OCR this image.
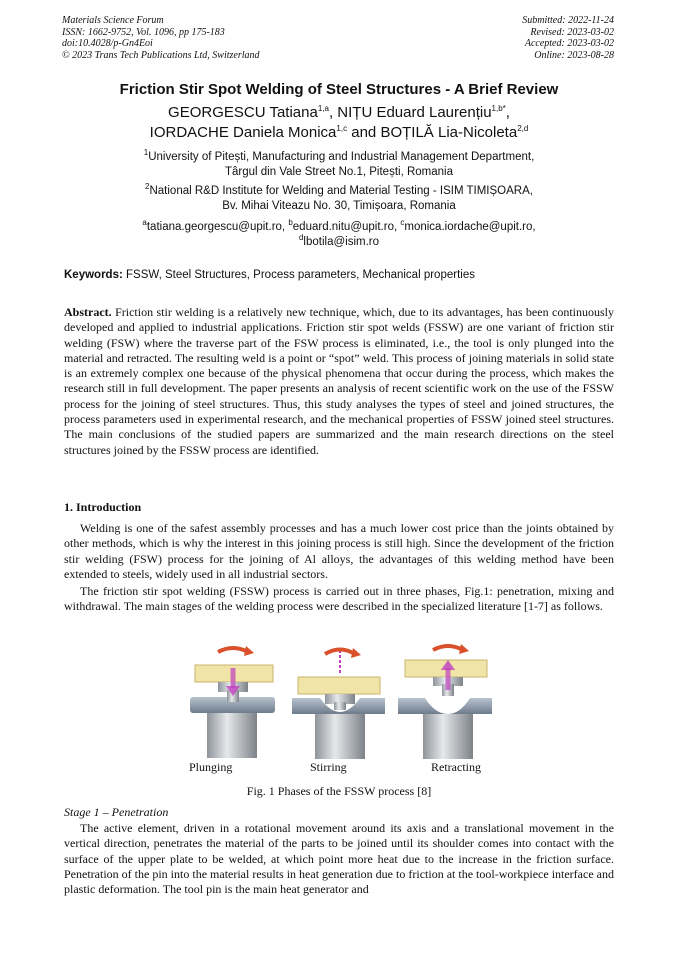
Materials Science Forum
ISSN: 1662-9752, Vol. 1096, pp 175-183
doi:10.4028/p-Gn4Eoi
© 2023 Trans Tech Publications Ltd, Switzerland
Submitted: 2022-11-24
Revised: 2023-03-02
Accepted: 2023-03-02
Online: 2023-08-28
Friction Stir Spot Welding of Steel Structures - A Brief Review
GEORGESCU Tatiana$^{1,a}$, NIȚU Eduard Laurențiu$^{1,b*}$,
IORDACHE Daniela Monica$^{1,c}$ and BOȚILĂ Lia-Nicoleta$^{2,d}$
$^1$University of Pitești, Manufacturing and Industrial Management Department,
Târgul din Vale Street No.1, Pitești, Romania
$^2$National R&D Institute for Welding and Material Testing - ISIM TIMIȘOARA,
Bv. Mihai Viteazu No. 30, Timișoara, Romania
$^a$tatiana.georgescu@upit.ro, $^b$eduard.nitu@upit.ro, $^c$monica.iordache@upit.ro,
$^d$lbotila@isim.ro
Keywords: FSSW, Steel Structures, Process parameters, Mechanical properties

Abstract. Friction stir welding is a relatively new technique, which, due to its advantages, has been continuously developed and applied to industrial applications. Friction stir spot welds (FSSW) are one variant of friction stir welding (FSW) where the traverse part of the FSW process is eliminated, i.e., the tool is only plunged into the material and retracted. The resulting weld is a point or “spot” weld. This process of joining materials in solid state is an extremely complex one because of the physical phenomena that occur during the process, which makes the research still in full development. The paper presents an analysis of recent scientific work on the use of the FSSW process for the joining of steel structures. Thus, this study analyses the types of steel and joined structures, the process parameters used in experimental research, and the mechanical properties of FSSW joined steel structures. The main conclusions of the studied papers are summarized and the main research directions on the steel structures joined by the FSSW process are identified.

1. Introduction

Welding is one of the safest assembly processes and has a much lower cost price than the joints obtained by other methods, which is why the interest in this joining process is still high. Since the development of the friction stir welding (FSW) process for the joining of Al alloys, the advantages of this welding method have been extended to steels, widely used in all industrial sectors.

The friction stir spot welding (FSSW) process is carried out in three phases, Fig.1: penetration, mixing and withdrawal. The main stages of the welding process were described in the specialized literature [1-7] as follows.

Plunging	Stirring	Retracting
Fig. 1 Phases of the FSSW process [8]
Stage 1 – Penetration

The active element, driven in a rotational movement around its axis and a translational movement in the vertical direction, penetrates the material of the parts to be joined until its shoulder comes into contact with the surface of the upper plate to be welded, at which point more heat due to the increase in the friction surface. Penetration of the pin into the material results in heat generation due to friction at the tool-workpiece interface and plastic deformation. The tool pin is the main heat generator and
